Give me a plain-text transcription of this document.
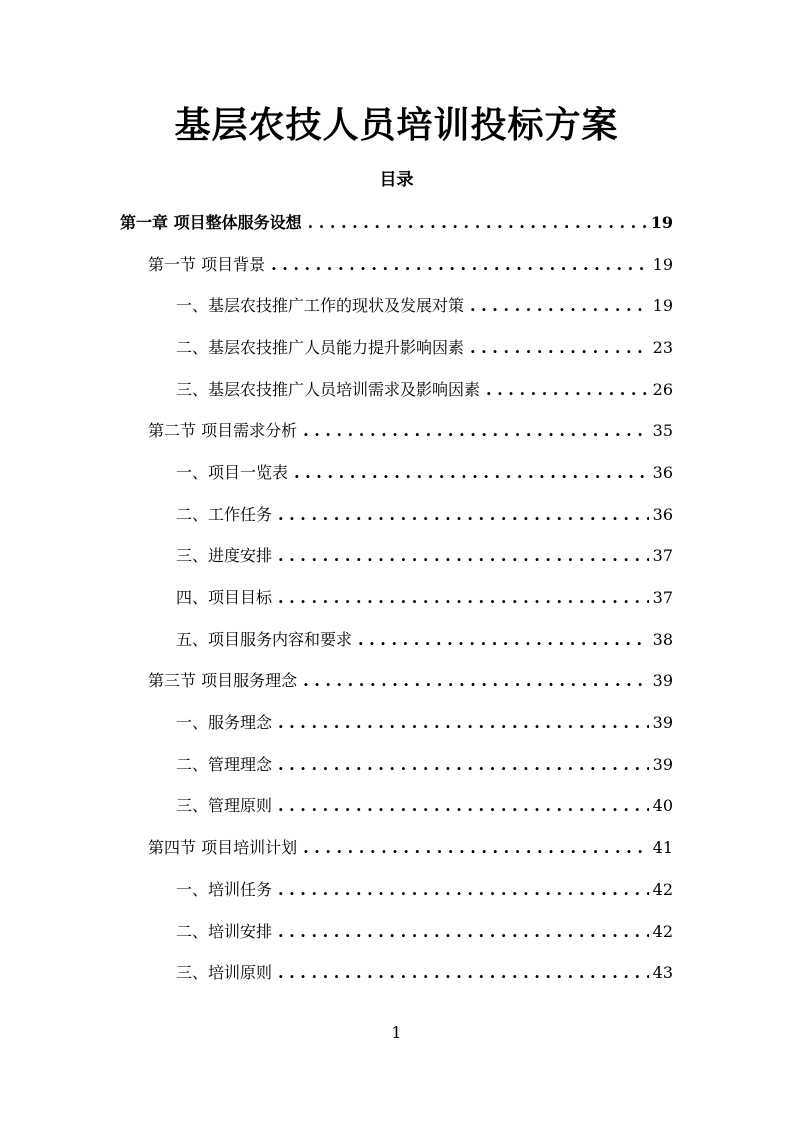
基层农技人员培训投标方案
目录
第一章 项目整体服务设想 . . .	19
第一节 项目背景 . . .	19
一、基层农技推广工作的现状及发展对策 . . .	19
二、基层农技推广人员能力提升影响因素 . . .	23
三、基层农技推广人员培训需求及影响因素 . . .	26
第二节 项目需求分析 . . .	35
一、项目一览表 . . .	36
二、工作任务 . . .	36
三、进度安排 . . .	37
四、项目目标 . . .	37
五、项目服务内容和要求 . . .	38
第三节 项目服务理念 . . .	39
一、服务理念 . . .	39
二、管理理念 . . .	39
三、管理原则 . . .	40
第四节 项目培训计划 . . .	41
一、培训任务 . . .	42
二、培训安排 . . .	42
三、培训原则 . . .	43
1
